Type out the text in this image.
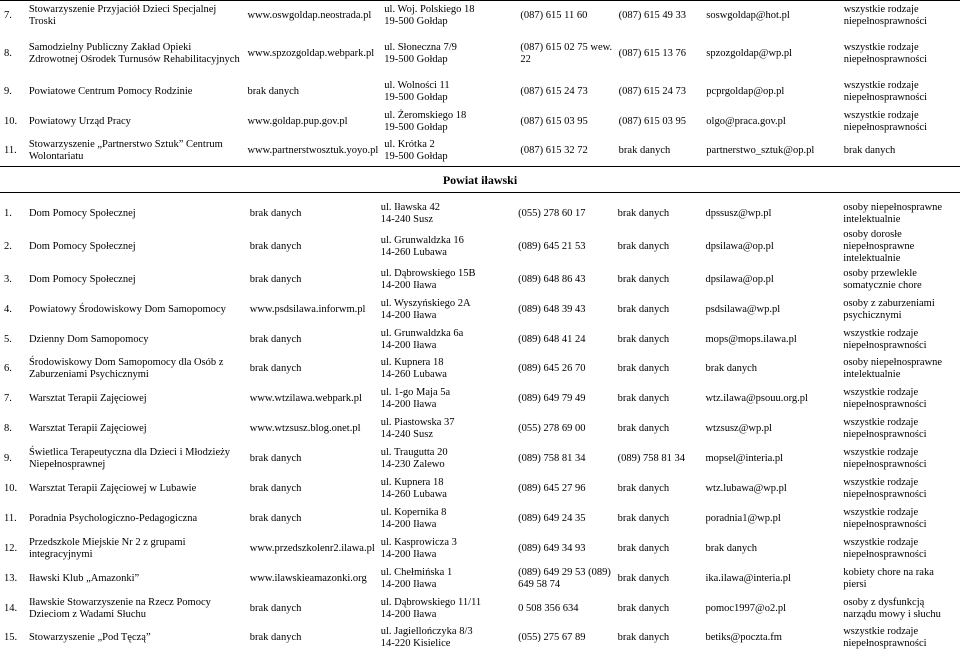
7.	Stowarzyszenie Przyjaciół Dzieci Specjalnej Troski	www.oswgoldap.neostrada.pl	ul. Woj. Polskiego 18
19-500 Gołdap	(087) 615 11 60	(087) 615 49 33	soswgoldap@hot.pl	wszystkie rodzaje niepełnosprawności
8.	Samodzielny Publiczny Zakład Opieki Zdrowotnej Ośrodek Turnusów Rehabilitacyjnych	www.spzozgoldap.webpark.pl	ul. Słoneczna 7/9
19-500 Gołdap	(087) 615 02 75 wew. 22	(087) 615 13 76	spzozgoldap@wp.pl	wszystkie rodzaje niepełnosprawności
9.	Powiatowe Centrum Pomocy Rodzinie	brak danych	ul. Wolności 11
19-500 Gołdap	(087) 615 24 73	(087) 615 24 73	pcprgoldap@op.pl	wszystkie rodzaje niepełnosprawności
10.	Powiatowy Urząd Pracy	www.goldap.pup.gov.pl	ul. Żeromskiego 18
19-500 Gołdap	(087) 615 03 95	(087) 615 03 95	olgo@praca.gov.pl	wszystkie rodzaje niepełnosprawności
11.	Stowarzyszenie „Partnerstwo Sztuk” Centrum Wolontariatu	www.partnerstwosztuk.yoyo.pl	ul. Krótka 2
19-500 Gołdap	(087) 615 32 72	brak danych	partnerstwo_sztuk@op.pl	brak danych
Powiat iławski
1.	Dom Pomocy Społecznej	brak danych	ul. Iławska 42
14-240 Susz	(055) 278 60 17	brak danych	dpssusz@wp.pl	osoby niepełnosprawne intelektualnie
2.	Dom Pomocy Społecznej	brak danych	ul. Grunwaldzka 16
14-260 Lubawa	(089) 645 21 53	brak danych	dpsilawa@op.pl	osoby dorosłe niepełnosprawne intelektualnie
3.	Dom Pomocy Społecznej	brak danych	ul. Dąbrowskiego 15B
14-200 Iława	(089) 648 86 43	brak danych	dpsilawa@op.pl	osoby przewlekle somatycznie chore
4.	Powiatowy Środowiskowy Dom Samopomocy	www.psdsilawa.inforwm.pl	ul. Wyszyńskiego 2A
14-200 Iława	(089) 648 39 43	brak danych	psdsilawa@wp.pl	osoby z zaburzeniami psychicznymi
5.	Dzienny Dom Samopomocy	brak danych	ul. Grunwaldzka 6a
14-200 Iława	(089) 648 41 24	brak danych	mops@mops.ilawa.pl	wszystkie rodzaje niepełnosprawności
6.	Środowiskowy Dom Samopomocy dla Osób z Zaburzeniami Psychicznymi	brak danych	ul. Kupnera 18
14-260 Lubawa	(089) 645 26 70	brak danych	brak danych	osoby niepełnosprawne intelektualnie
7.	Warsztat Terapii Zajęciowej	www.wtzilawa.webpark.pl	ul. 1-go Maja 5a
14-200 Iława	(089) 649 79 49	brak danych	wtz.ilawa@psouu.org.pl	wszystkie rodzaje niepełnosprawności
8.	Warsztat Terapii Zajęciowej	www.wtzsusz.blog.onet.pl	ul. Piastowska 37
14-240 Susz	(055) 278 69 00	brak danych	wtzsusz@wp.pl	wszystkie rodzaje niepełnosprawności
9.	Świetlica Terapeutyczna dla Dzieci i Młodzieży Niepełnosprawnej	brak danych	ul. Traugutta 20
14-230 Zalewo	(089) 758 81 34	(089) 758 81 34	mopsel@interia.pl	wszystkie rodzaje niepełnosprawności
10.	Warsztat Terapii Zajęciowej w Lubawie	brak danych	ul. Kupnera 18
14-260 Lubawa	(089) 645 27 96	brak danych	wtz.lubawa@wp.pl	wszystkie rodzaje niepełnosprawności
11.	Poradnia Psychologiczno-Pedagogiczna	brak danych	ul. Kopernika 8
14-200 Iława	(089) 649 24 35	brak danych	poradnia1@wp.pl	wszystkie rodzaje niepełnosprawności
12.	Przedszkole Miejskie Nr 2 z grupami integracyjnymi	www.przedszkolenr2.ilawa.pl	ul. Kasprowicza 3
14-200 Iława	(089) 649 34 93	brak danych	brak danych	wszystkie rodzaje niepełnosprawności
13.	Iławski Klub „Amazonki”	www.ilawskieamazonki.org	ul. Chełmińska 1
14-200 Iława	(089) 649 29 53 (089) 649 58 74	brak danych	ika.ilawa@interia.pl	kobiety chore na raka piersi
14.	Iławskie Stowarzyszenie na Rzecz Pomocy Dzieciom z Wadami Słuchu	brak danych	ul. Dąbrowskiego 11/11
14-200 Iława	0 508 356 634	brak danych	pomoc1997@o2.pl	osoby z dysfunkcją narządu mowy i słuchu
15.	Stowarzyszenie „Pod Tęczą”	brak danych	ul. Jagiellończyka 8/3
14-220 Kisielice	(055) 275 67 89	brak danych	betiks@poczta.fm	wszystkie rodzaje niepełnosprawności
